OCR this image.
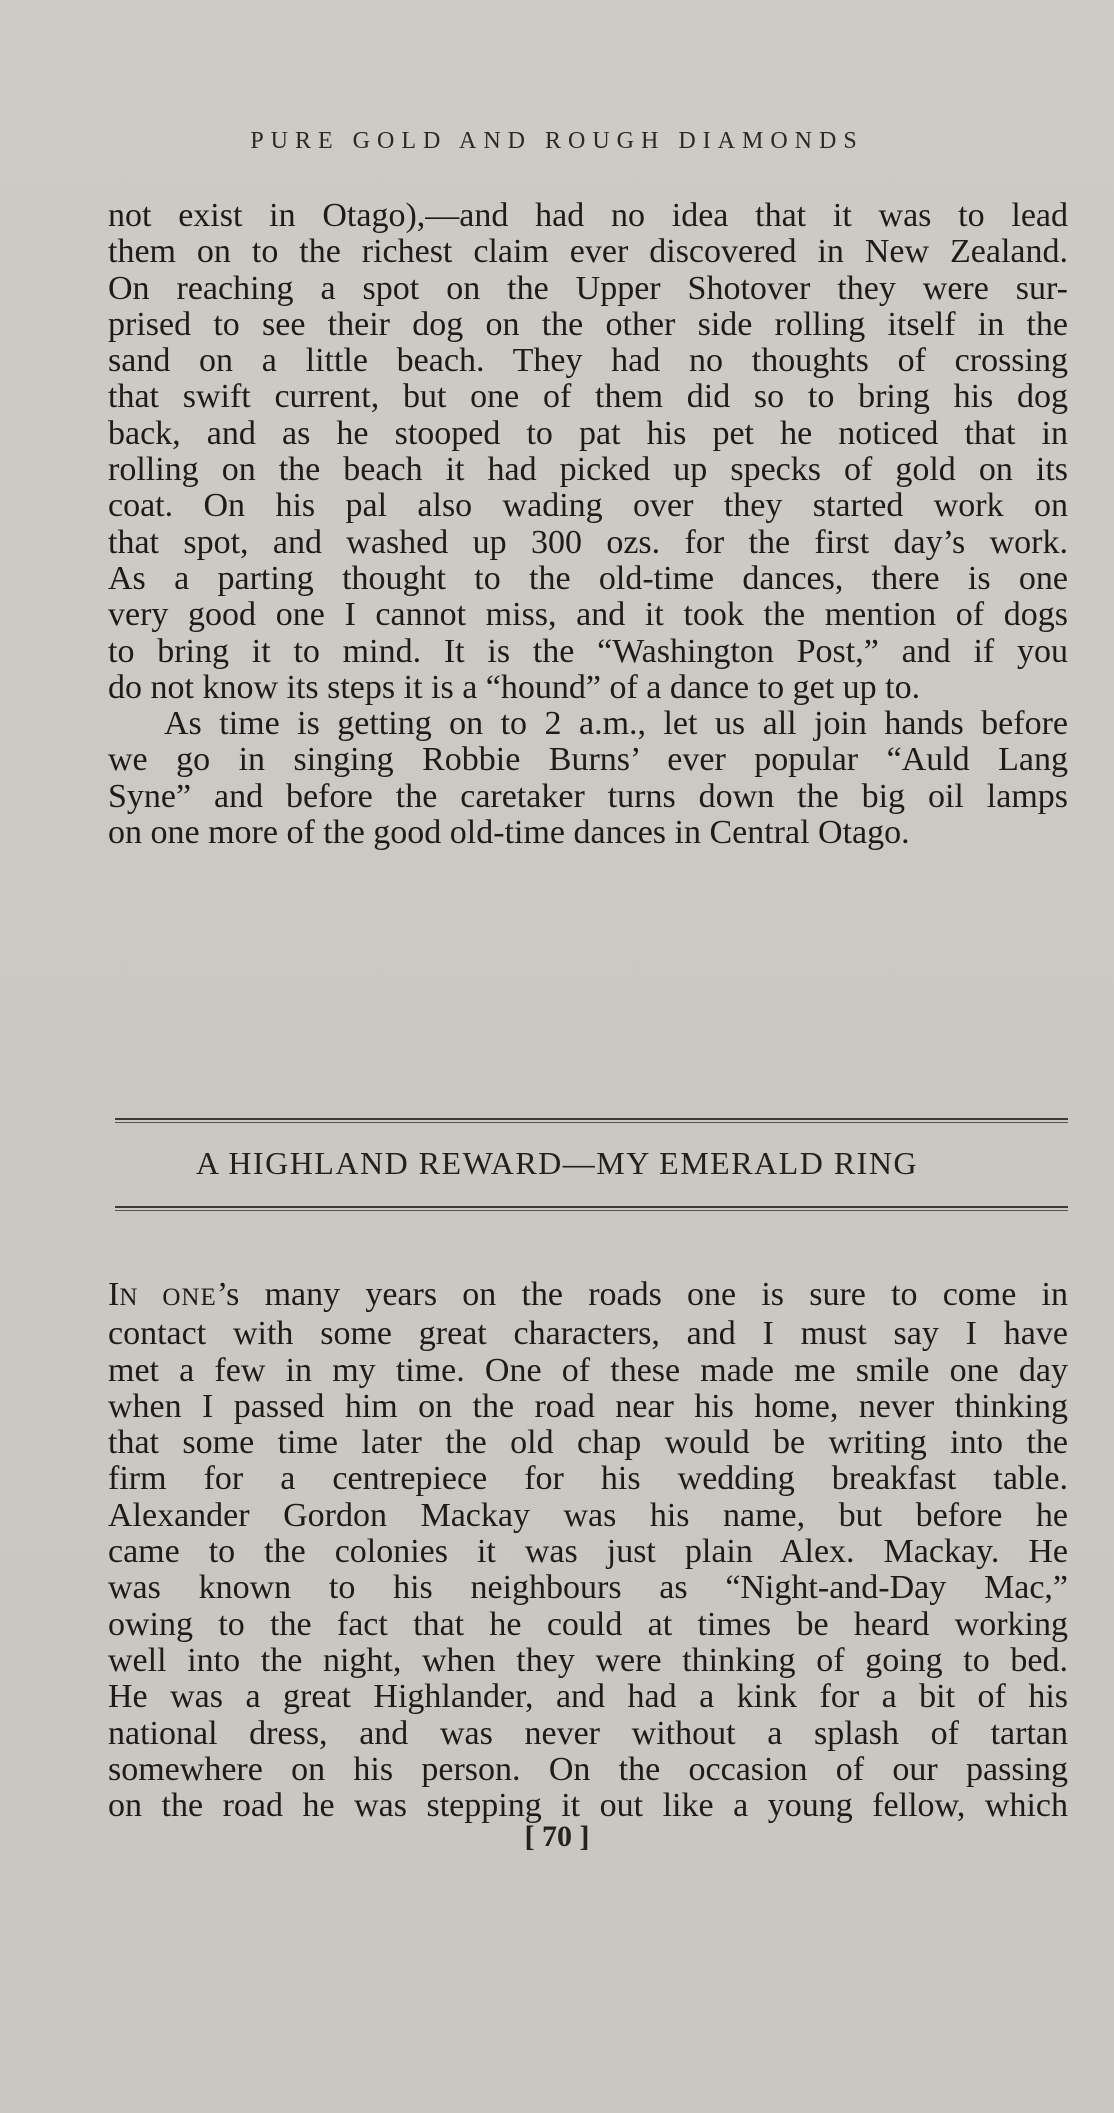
PURE GOLD AND ROUGH DIAMONDS

not exist in Otago),—and had no idea that it was to lead

them on to the richest claim ever discovered in New Zealand.

On reaching a spot on the Upper Shotover they were sur-

prised to see their dog on the other side rolling itself in the

sand on a little beach. They had no thoughts of crossing

that swift current, but one of them did so to bring his dog

back, and as he stooped to pat his pet he noticed that in

rolling on the beach it had picked up specks of gold on its

coat. On his pal also wading over they started work on

that spot, and washed up 300 ozs. for the first day’s work.

As a parting thought to the old-time dances, there is one

very good one I cannot miss, and it took the mention of dogs

to bring it to mind. It is the “Washington Post,” and if you

do not know its steps it is a “hound” of a dance to get up to.

As time is getting on to 2 a.m., let us all join hands before

we go in singing Robbie Burns’ ever popular “Auld Lang

Syne” and before the caretaker turns down the big oil lamps

on one more of the good old-time dances in Central Otago.

A HIGHLAND REWARD—MY EMERALD RING

IN ONE’s many years on the roads one is sure to come in

contact with some great characters, and I must say I have

met a few in my time. One of these made me smile one day

when I passed him on the road near his home, never thinking

that some time later the old chap would be writing into the

firm for a centrepiece for his wedding breakfast table.

Alexander Gordon Mackay was his name, but before he

came to the colonies it was just plain Alex. Mackay. He

was known to his neighbours as “Night-and-Day Mac,”

owing to the fact that he could at times be heard working

well into the night, when they were thinking of going to bed.

He was a great Highlander, and had a kink for a bit of his

national dress, and was never without a splash of tartan

somewhere on his person. On the occasion of our passing

on the road he was stepping it out like a young fellow, which

[ 70 ]
